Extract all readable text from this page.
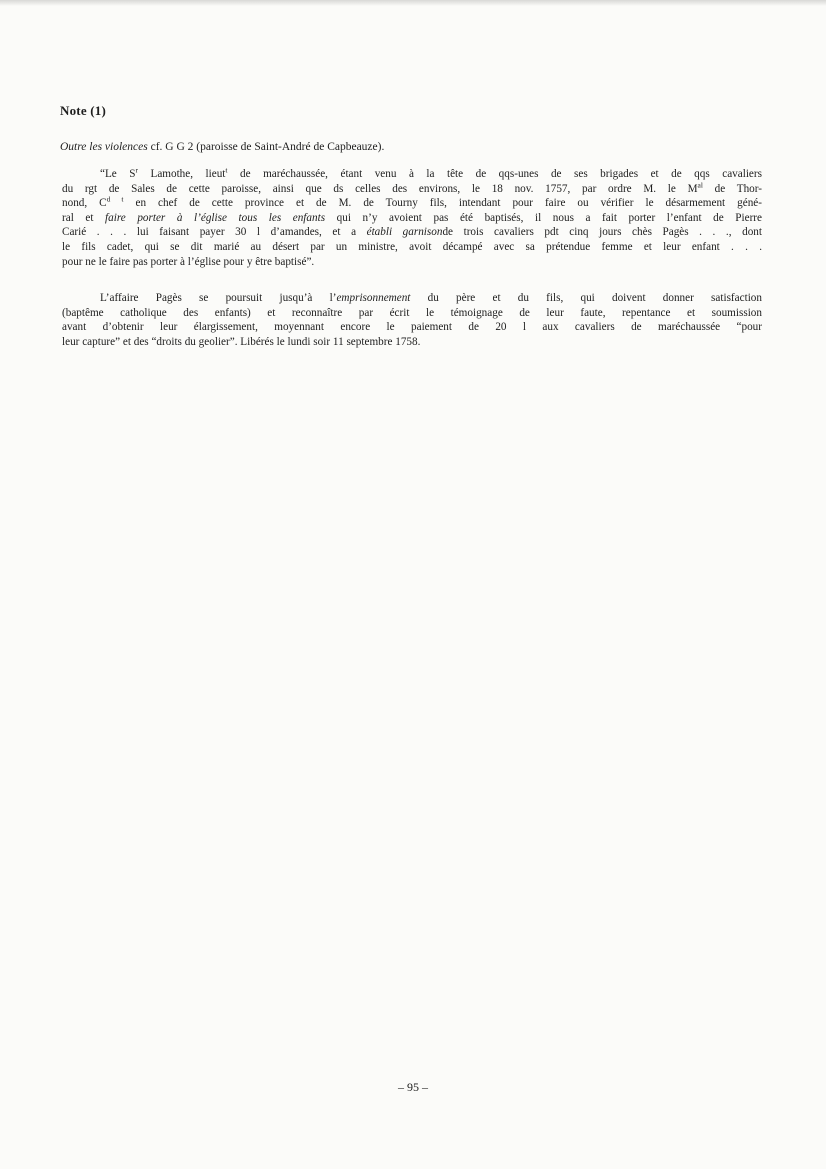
Note (1)
Outre les violences cf. G G 2 (paroisse de Saint-André de Capbeauze).
“Le $S^r$ Lamothe, lieut$^t$ de maréchaussée, étant venu à la tête de qqs-unes de ses brigades et de qqs cavaliers
du rgt de Sales de cette paroisse, ainsi que ds celles des environs, le 18 nov. 1757, par ordre M. le $M^{al}$ de Thor-
nond, $C^{d t}$ en chef de cette province et de M. de Tourny fils, intendant pour faire ou vérifier le désarmement géné-
ral et faire porter à l’église tous les enfants qui n’y avoient pas été baptisés, il nous a fait porter l’enfant de Pierre
Carié . . . lui faisant payer 30 l d’amandes, et a établi garnisonde trois cavaliers pdt cinq jours chès Pagès . . ., dont
le fils cadet, qui se dit marié au désert par un ministre, avoit décampé avec sa prétendue femme et leur enfant . . .
pour ne le faire pas porter à l’église pour y être baptisé”.
L’affaire Pagès se poursuit jusqu’à l’emprisonnement du père et du fils, qui doivent donner satisfaction
(baptême catholique des enfants) et reconnaître par écrit le témoignage de leur faute, repentance et soumission
avant d’obtenir leur élargissement, moyennant encore le paiement de 20 l aux cavaliers de maréchaussée “pour
leur capture” et des “droits du geolier”. Libérés le lundi soir 11 septembre 1758.
– 95 –
